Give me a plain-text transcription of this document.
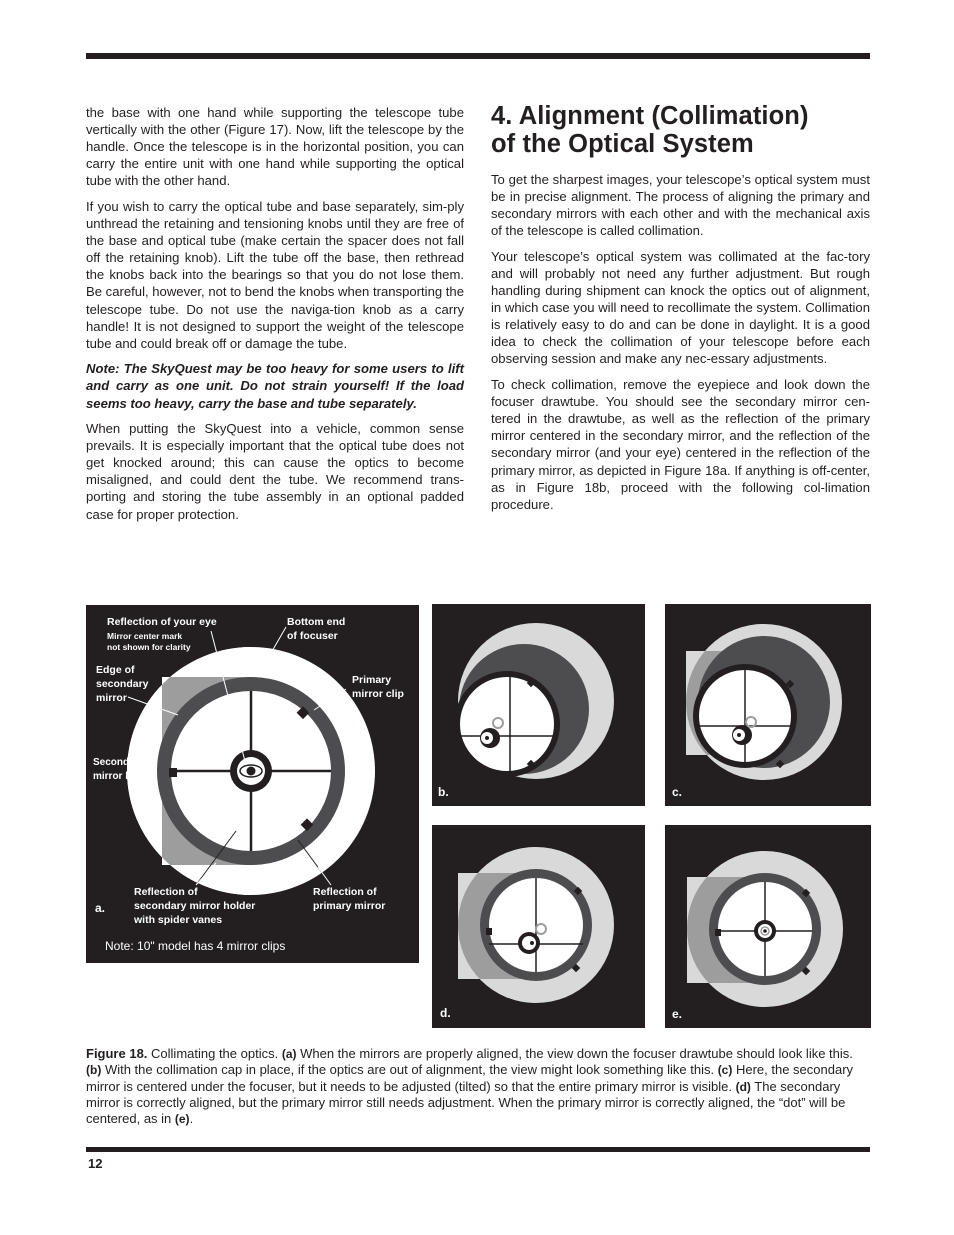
the base with one hand while supporting the telescope tube vertically with the other (Figure 17). Now, lift the telescope by the handle. Once the telescope is in the horizontal position, you can carry the entire unit with one hand while supporting the optical tube with the other hand.

If you wish to carry the optical tube and base separately, sim-ply unthread the retaining and tensioning knobs until they are free of the base and optical tube (make certain the spacer does not fall off the retaining knob). Lift the tube off the base, then rethread the knobs back into the bearings so that you do not lose them. Be careful, however, not to bend the knobs when transporting the telescope tube. Do not use the naviga-tion knob as a carry handle! It is not designed to support the weight of the telescope tube and could break off or damage the tube.

Note: The SkyQuest may be too heavy for some users to lift and carry as one unit. Do not strain yourself! If the load seems too heavy, carry the base and tube separately.

When putting the SkyQuest into a vehicle, common sense prevails. It is especially important that the optical tube does not get knocked around; this can cause the optics to become misaligned, and could dent the tube. We recommend trans-porting and storing the tube assembly in an optional padded case for proper protection.

4. Alignment (Collimation)
of the Optical System

To get the sharpest images, your telescope’s optical system must be in precise alignment. The process of aligning the primary and secondary mirrors with each other and with the mechanical axis of the telescope is called collimation.

Your telescope’s optical system was collimated at the fac-tory and will probably not need any further adjustment. But rough handling during shipment can knock the optics out of alignment, in which case you will need to recollimate the system. Collimation is relatively easy to do and can be done in daylight. It is a good idea to check the collimation of your telescope before each observing session and make any nec-essary adjustments.

To check collimation, remove the eyepiece and look down the focuser drawtube. You should see the secondary mirror cen-tered in the drawtube, as well as the reflection of the primary mirror centered in the secondary mirror, and the reflection of the secondary mirror (and your eye) centered in the reflection of the primary mirror, as depicted in Figure 18a. If anything is off-center, as in Figure 18b, proceed with the following col-limation procedure.

Reflection of your eye
Mirror center mark
not shown for clarity
Bottom end
of focuser
Edge of
secondary
mirror
Primary
mirror clip
Secondary
mirror holder
Reflection of
secondary mirror holder
with spider vanes
Reflection of
primary mirror
a.
Note: 10" model has 4 mirror clips
b.	c.
d.	e.
Figure 18. Collimating the optics. (a) When the mirrors are properly aligned, the view down the focuser drawtube should look like this. (b) With the collimation cap in place, if the optics are out of alignment, the view might look something like this. (c) Here, the secondary mirror is centered under the focuser, but it needs to be adjusted (tilted) so that the entire primary mirror is visible. (d) The secondary mirror is correctly aligned, but the primary mirror still needs adjustment. When the primary mirror is correctly aligned, the “dot” will be centered, as in (e).
12
